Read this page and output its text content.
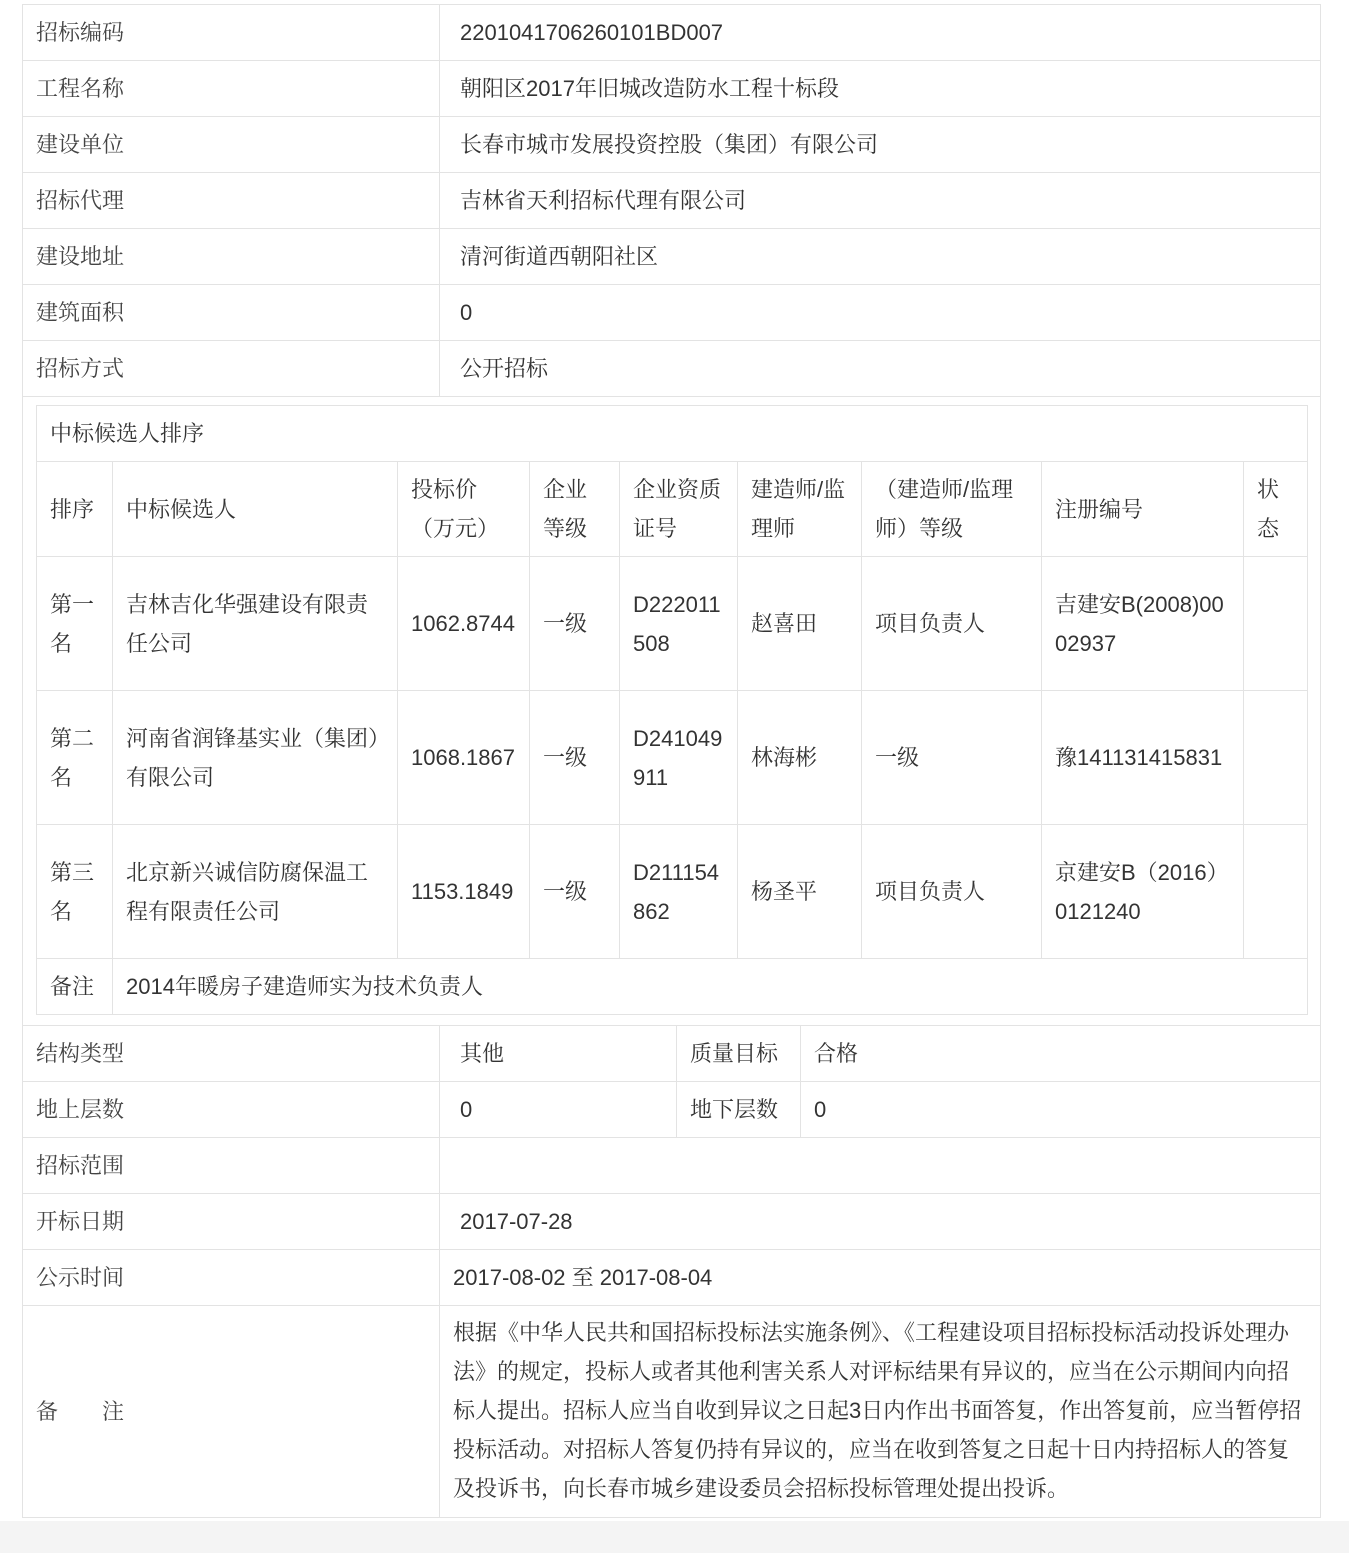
招标编码	2201041706260101BD007
工程名称	朝阳区2017年旧城改造防水工程十标段
建设单位	长春市城市发展投资控股（集团）有限公司
招标代理	吉林省天利招标代理有限公司
建设地址	清河街道西朝阳社区
建筑面积	0
招标方式	公开招标

中标候选人排序
排序	中标候选人	投标价（万元）	企业等级	企业资质证号	建造师/监理师	（建造师/监理师）等级	注册编号	状态
第一名	吉林吉化华强建设有限责任公司	1062.8744	一级	D222011508	赵喜田	项目负责人	吉建安B(2008)0002937	
第二名	河南省润锋基实业（集团）有限公司	1068.1867	一级	D241049911	林海彬	一级	豫141131415831	
第三名	北京新兴诚信防腐保温工程有限责任公司	1153.1849	一级	D211154862	杨圣平	项目负责人	京建安B（2016）0121240	
备注	2014年暖房子建造师实为技术负责人

结构类型	其他	质量目标	合格
地上层数	0	地下层数	0
招标范围	
开标日期	2017-07-28
公示时间	2017-08-02 至 2017-08-04
备　　注	根据《中华人民共和国招标投标法实施条例》、《工程建设项目招标投标活动投诉处理办法》的规定，投标人或者其他利害关系人对评标结果有异议的，应当在公示期间内向招标人提出。招标人应当自收到异议之日起3日内作出书面答复，作出答复前，应当暂停招投标活动。对招标人答复仍持有异议的，应当在收到答复之日起十日内持招标人的答复及投诉书，向长春市城乡建设委员会招标投标管理处提出投诉。
